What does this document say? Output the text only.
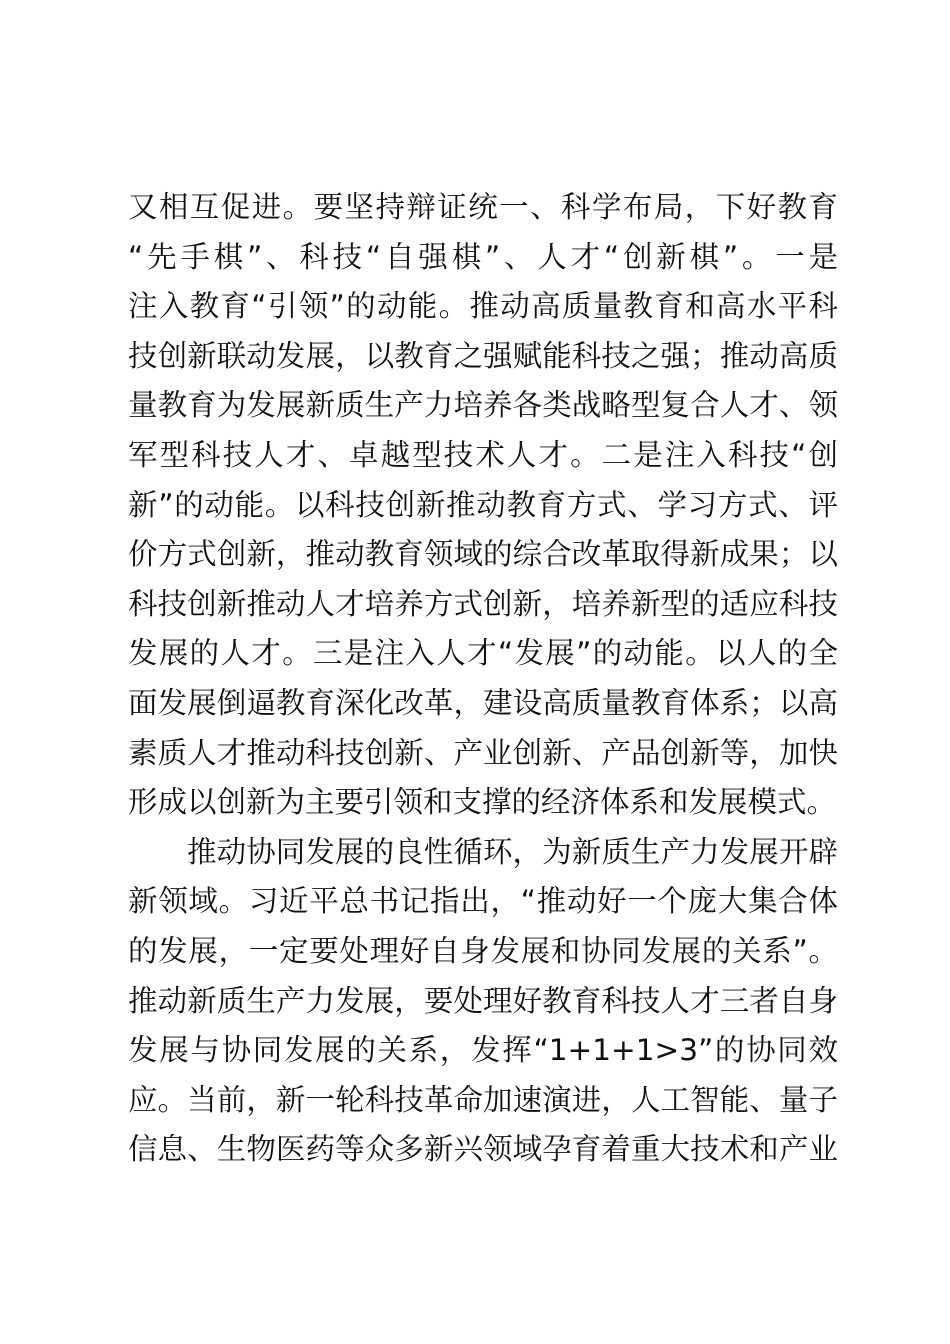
又相互促进。要坚持辩证统一、科学布局，下好教育
“先手棋”、科技“自强棋”、人才“创新棋”。一是
注入教育“引领”的动能。推动高质量教育和高水平科
技创新联动发展，以教育之强赋能科技之强；推动高质
量教育为发展新质生产力培养各类战略型复合人才、领
军型科技人才、卓越型技术人才。二是注入科技“创
新”的动能。以科技创新推动教育方式、学习方式、评
价方式创新，推动教育领域的综合改革取得新成果；以
科技创新推动人才培养方式创新，培养新型的适应科技
发展的人才。三是注入人才“发展”的动能。以人的全
面发展倒逼教育深化改革，建设高质量教育体系；以高
素质人才推动科技创新、产业创新、产品创新等，加快
形成以创新为主要引领和支撑的经济体系和发展模式。
推动协同发展的良性循环，为新质生产力发展开辟
新领域。习近平总书记指出，“推动好一个庞大集合体
的发展，一定要处理好自身发展和协同发展的关系”。
推动新质生产力发展，要处理好教育科技人才三者自身
发展与协同发展的关系，发挥“1+1+1>3”的协同效
应。当前，新一轮科技革命加速演进，人工智能、量子
信息、生物医药等众多新兴领域孕育着重大技术和产业
